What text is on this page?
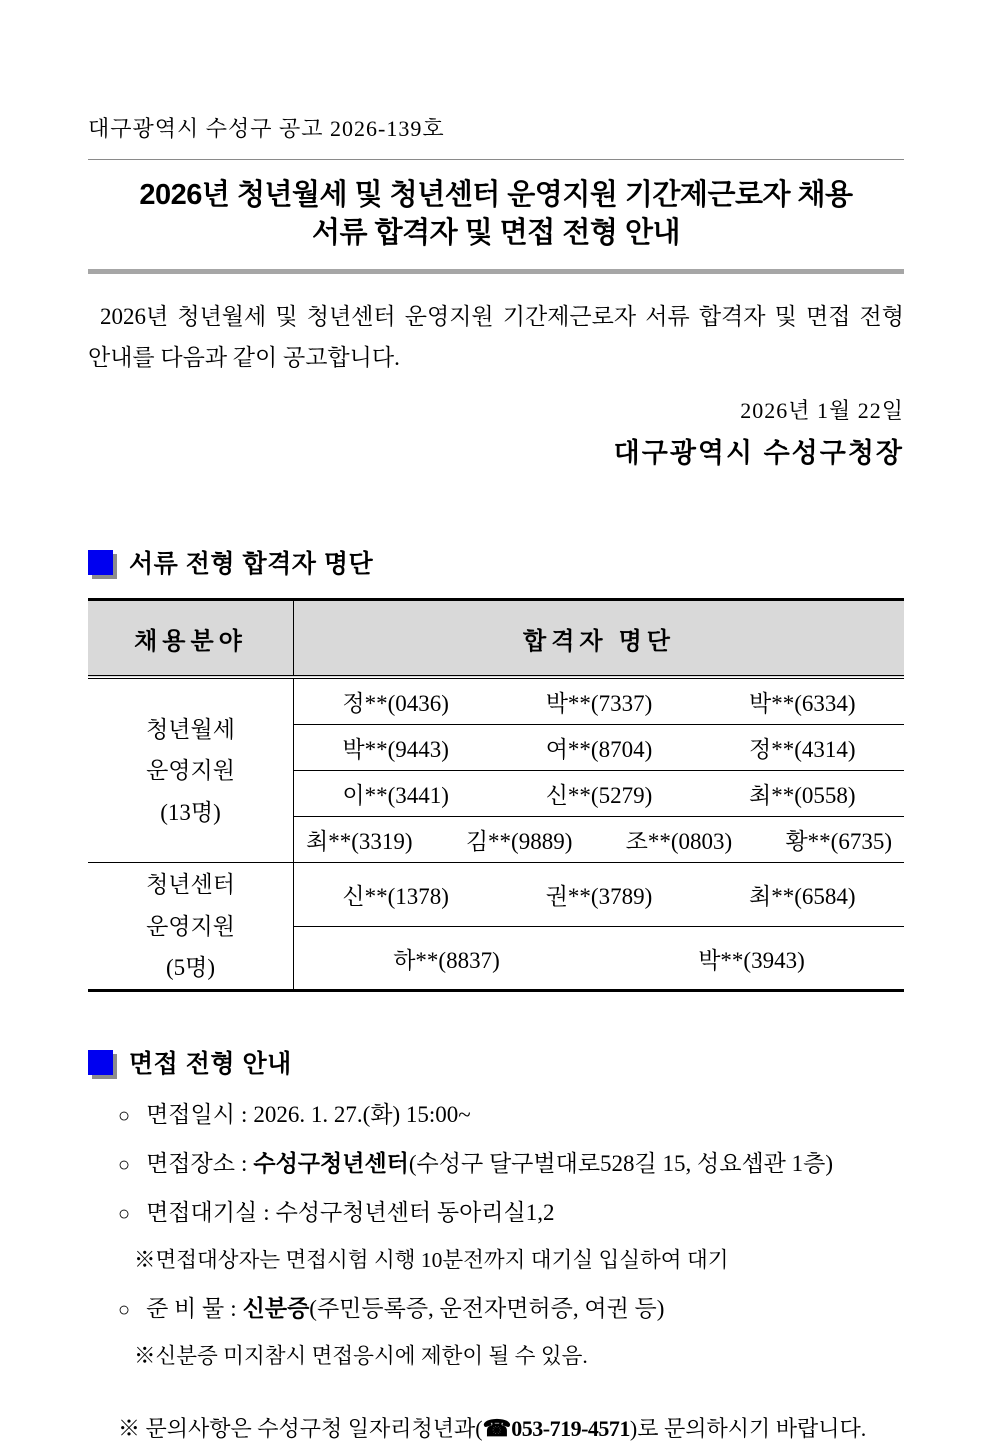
대구광역시 수성구 공고 2026-139호
2026년 청년월세 및 청년센터 운영지원 기간제근로자 채용
서류 합격자 및 면접 전형 안내
2026년 청년월세 및 청년센터 운영지원 기간제근로자 서류 합격자 및 면접 전형 안내를 다음과 같이 공고합니다.
2026년 1월 22일
대구광역시 수성구청장
서류 전형 합격자 명단
채용분야	합격자 명단

청년월세
운영지원
(13명)

정**(0436)	박**(7337)	박**(6334)

	박**(9443) 여**(8704) 정**(4314)

	이**(3441) 신**(5279) 최**(0558)

	최**(3319) 김**(9889) 조**(0803) 황**(6735)

청년센터
운영지원
(5명)

신**(1378)	권**(3789)	최**(6584)

	하**(8837) 박**(3943)
면접 전형 안내
○ 면접일시 : 2026. 1. 27.(화) 15:00~
○ 면접장소 : 수성구청년센터(수성구 달구벌대로528길 15, 성요셉관 1층)
○ 면접대기실 : 수성구청년센터 동아리실1,2
※면접대상자는 면접시험 시행 10분전까지 대기실 입실하여 대기
○ 준 비 물 : 신분증(주민등록증, 운전자면허증, 여권 등)
※신분증 미지참시 면접응시에 제한이 될 수 있음.
※ 문의사항은 수성구청 일자리청년과(☎053-719-4571)로 문의하시기 바랍니다.
